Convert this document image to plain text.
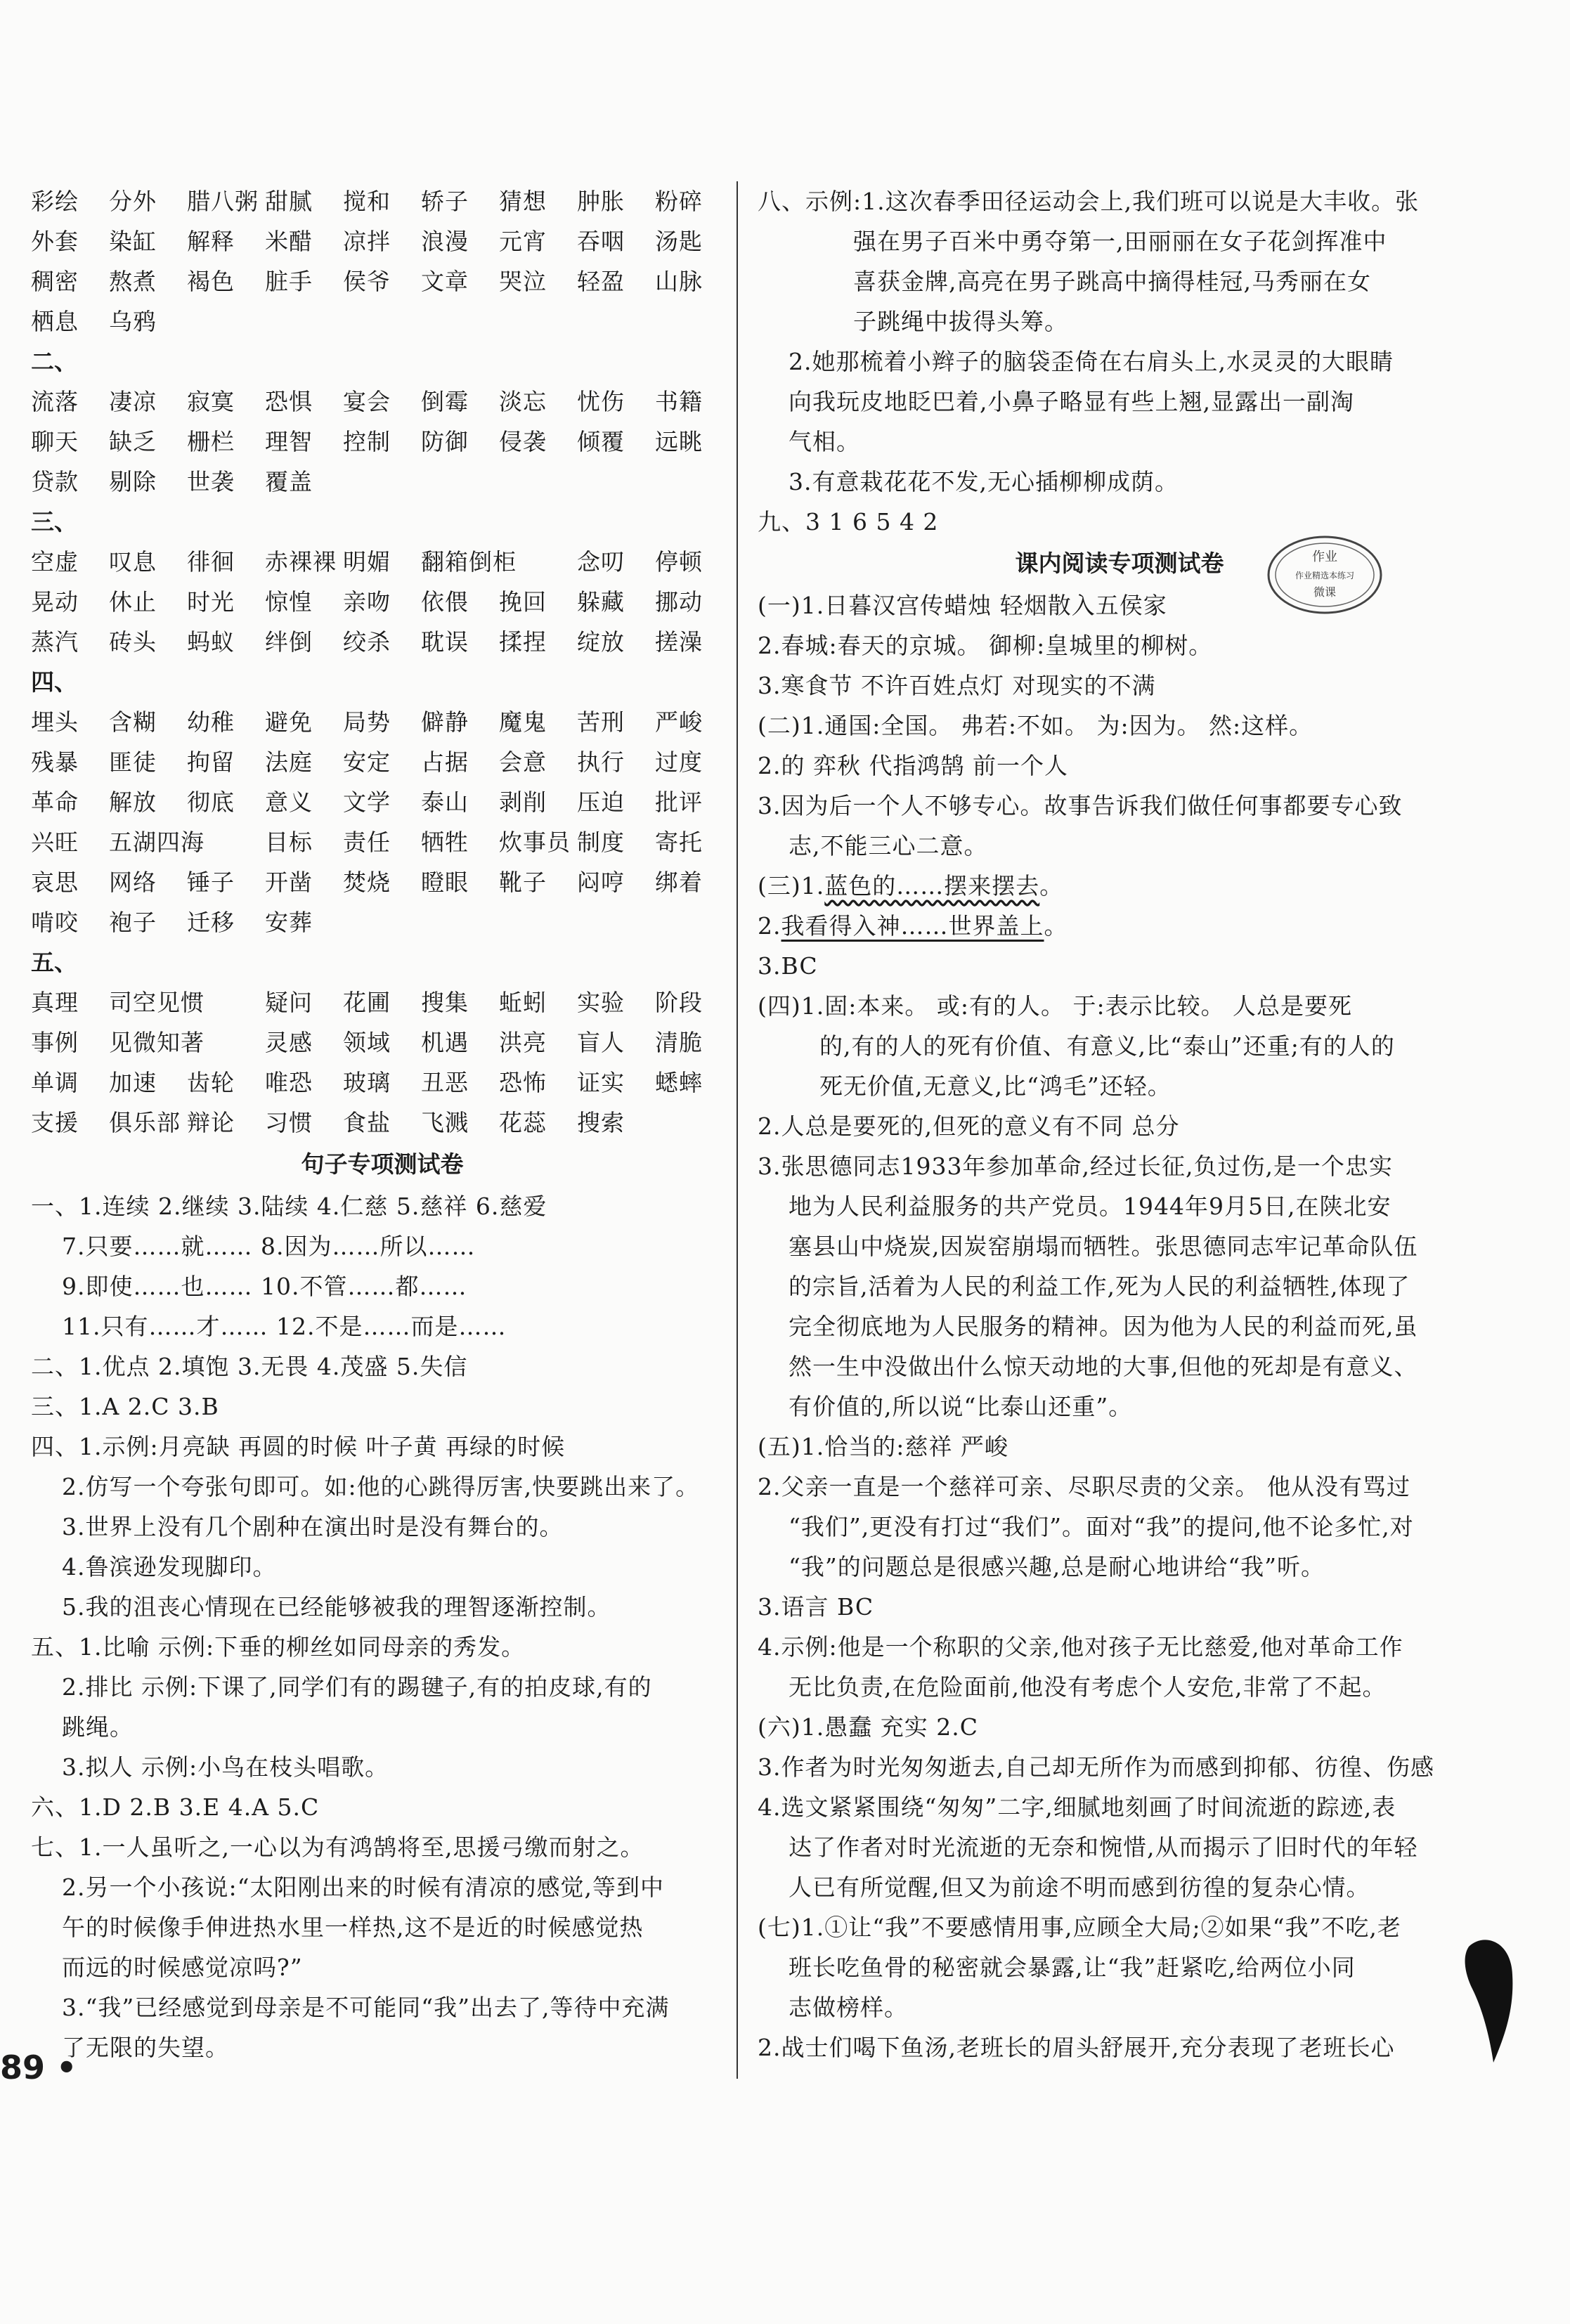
彩绘	分外	腊八粥 甜腻	搅和	轿子	猜想	肿胀	粉碎
外套	染缸	解释	米醋	凉拌	浪漫	元宵	吞咽	汤匙
稠密	熬煮	褐色	脏手	侯爷	文章	哭泣	轻盈	山脉
栖息	乌鸦
二、
流落	凄凉	寂寞	恐惧	宴会	倒霉	淡忘	忧伤	书籍
聊天	缺乏	栅栏	理智	控制	防御	侵袭	倾覆	远眺
贷款	剔除	世袭	覆盖
三、
空虚	叹息	徘徊	赤裸裸 明媚	翻箱倒柜	念叨	停顿
晃动	休止	时光	惊惶	亲吻	依偎	挽回	躲藏	挪动
蒸汽	砖头	蚂蚁	绊倒	绞杀	耽误	揉捏	绽放	搓澡
四、
埋头	含糊	幼稚	避免	局势	僻静	魔鬼	苦刑	严峻
残暴	匪徒	拘留	法庭	安定	占据	会意	执行	过度
革命	解放	彻底	意义	文学	泰山	剥削	压迫	批评
兴旺	五湖四海	目标	责任	牺牲	炊事员 制度	寄托
哀思	网络	锤子	开凿	焚烧	瞪眼	靴子	闷哼	绑着
啃咬	袍子	迁移	安葬
五、
真理	司空见惯	疑问	花圃	搜集	蚯蚓	实验	阶段
事例	见微知著	灵感	领域	机遇	洪亮	盲人	清脆
单调	加速	齿轮	唯恐	玻璃	丑恶	恐怖	证实	蟋蟀
支援	俱乐部 辩论	习惯	食盐	飞溅	花蕊	搜索
句子专项测试卷
一、1.连续 2.继续 3.陆续 4.仁慈 5.慈祥 6.慈爱
7.只要……就…… 8.因为……所以……
9.即使……也…… 10.不管……都……
11.只有……才…… 12.不是……而是……
二、1.优点 2.填饱 3.无畏 4.茂盛 5.失信
三、1.A 2.C 3.B
四、1.示例:月亮缺 再圆的时候 叶子黄 再绿的时候
2.仿写一个夸张句即可。如:他的心跳得厉害,快要跳出来了。
3.世界上没有几个剧种在演出时是没有舞台的。
4.鲁滨逊发现脚印。
5.我的沮丧心情现在已经能够被我的理智逐渐控制。
五、1.比喻 示例:下垂的柳丝如同母亲的秀发。
2.排比 示例:下课了,同学们有的踢毽子,有的拍皮球,有的
跳绳。
3.拟人 示例:小鸟在枝头唱歌。
六、1.D 2.B 3.E 4.A 5.C
七、1.一人虽听之,一心以为有鸿鹄将至,思援弓缴而射之。
2.另一个小孩说:“太阳刚出来的时候有清凉的感觉,等到中
午的时候像手伸进热水里一样热,这不是近的时候感觉热
而远的时候感觉凉吗?”
3.“我”已经感觉到母亲是不可能同“我”出去了,等待中充满
了无限的失望。
八、示例:1.这次春季田径运动会上,我们班可以说是大丰收。张
强在男子百米中勇夺第一,田丽丽在女子花剑挥准中
喜获金牌,高亮在男子跳高中摘得桂冠,马秀丽在女
子跳绳中拔得头筹。
2.她那梳着小辫子的脑袋歪倚在右肩头上,水灵灵的大眼睛
向我玩皮地眨巴着,小鼻子略显有些上翘,显露出一副淘
气相。
3.有意栽花花不发,无心插柳柳成荫。
九、3 1 6 5 4 2
课内阅读专项测试卷
(一)1.日暮汉宫传蜡烛 轻烟散入五侯家
2.春城:春天的京城。 御柳:皇城里的柳树。
3.寒食节 不许百姓点灯 对现实的不满
(二)1.通国:全国。 弗若:不如。 为:因为。 然:这样。
2.的 弈秋 代指鸿鹄 前一个人
3.因为后一个人不够专心。故事告诉我们做任何事都要专心致
志,不能三心二意。
(三)1.蓝色的……摆来摆去。
2.我看得入神……世界盖上。
3.BC
(四)1.固:本来。 或:有的人。 于:表示比较。 人总是要死
的,有的人的死有价值、有意义,比“泰山”还重;有的人的
死无价值,无意义,比“鸿毛”还轻。
2.人总是要死的,但死的意义有不同 总分
3.张思德同志1933年参加革命,经过长征,负过伤,是一个忠实
地为人民利益服务的共产党员。1944年9月5日,在陕北安
塞县山中烧炭,因炭窑崩塌而牺牲。张思德同志牢记革命队伍
的宗旨,活着为人民的利益工作,死为人民的利益牺牲,体现了
完全彻底地为人民服务的精神。因为他为人民的利益而死,虽
然一生中没做出什么惊天动地的大事,但他的死却是有意义、
有价值的,所以说“比泰山还重”。
(五)1.恰当的:慈祥 严峻
2.父亲一直是一个慈祥可亲、尽职尽责的父亲。 他从没有骂过
“我们”,更没有打过“我们”。面对“我”的提问,他不论多忙,对
“我”的问题总是很感兴趣,总是耐心地讲给“我”听。
3.语言 BC
4.示例:他是一个称职的父亲,他对孩子无比慈爱,他对革命工作
无比负责,在危险面前,他没有考虑个人安危,非常了不起。
(六)1.愚蠢 充实 2.C
3.作者为时光匆匆逝去,自己却无所作为而感到抑郁、彷徨、伤感
4.选文紧紧围绕“匆匆”二字,细腻地刻画了时间流逝的踪迹,表
达了作者对时光流逝的无奈和惋惜,从而揭示了旧时代的年轻
人已有所觉醒,但又为前途不明而感到彷徨的复杂心情。
(七)1.①让“我”不要感情用事,应顾全大局;②如果“我”不吃,老
班长吃鱼骨的秘密就会暴露,让“我”赶紧吃,给两位小同
志做榜样。
2.战士们喝下鱼汤,老班长的眉头舒展开,充分表现了老班长心
作业
作业精选本练习
微课
89 •
